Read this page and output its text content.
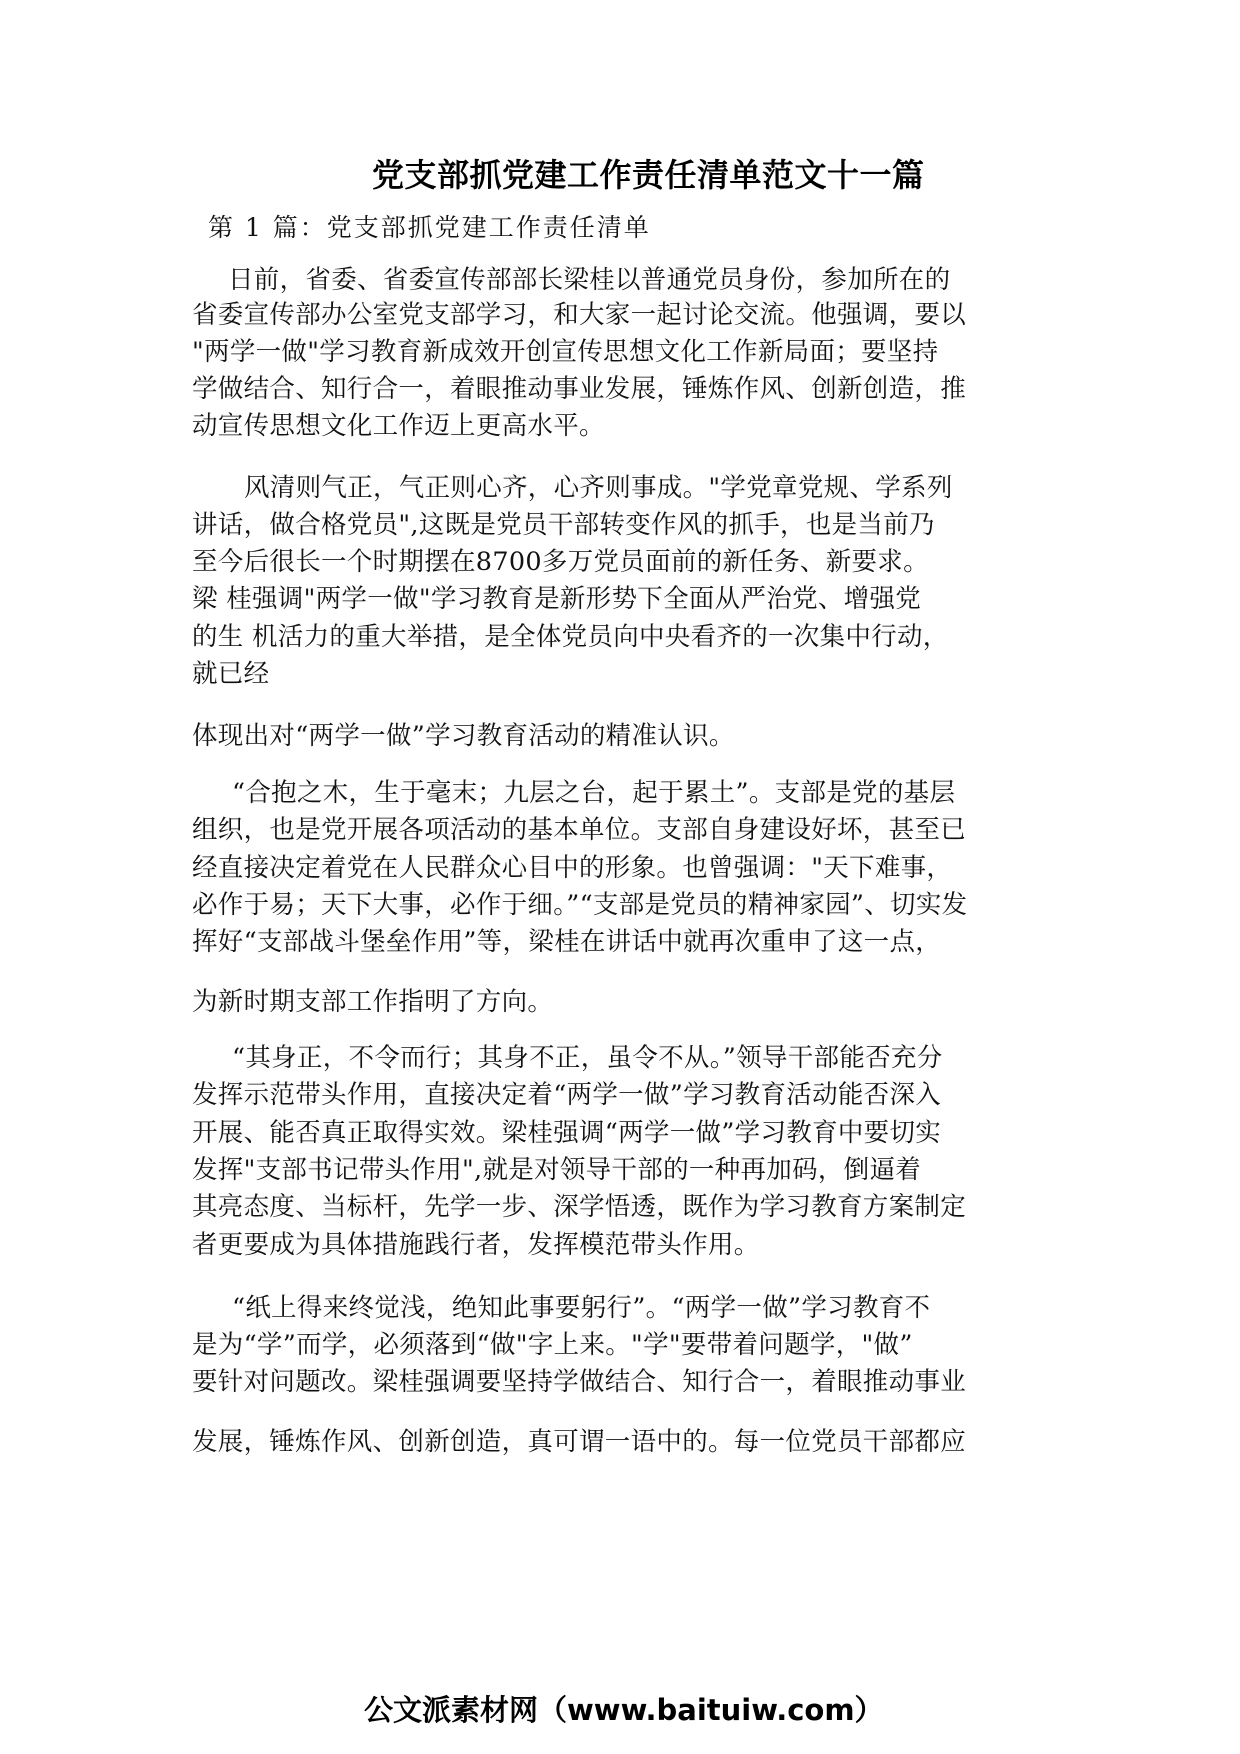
党支部抓党建工作责任清单范文十一篇
第 1 篇：党支部抓党建工作责任清单
日前，省委、省委宣传部部长梁桂以普通党员身份，参加所在的
省委宣传部办公室党支部学习，和大家一起讨论交流。他强调，要以
"两学一做"学习教育新成效开创宣传思想文化工作新局面；要坚持
学做结合、知行合一，着眼推动事业发展，锤炼作风、创新创造，推
动宣传思想文化工作迈上更高水平。
风清则气正，气正则心齐，心齐则事成。"学党章党规、学系列
讲话，做合格党员",这既是党员干部转变作风的抓手，也是当前乃
至今后很长一个时期摆在8700多万党员面前的新任务、新要求。
梁 桂强调"两学一做"学习教育是新形势下全面从严治党、增强党
的生 机活力的重大举措，是全体党员向中央看齐的一次集中行动，
就已经
体现出对“两学一做”学习教育活动的精准认识。
“合抱之木，生于毫末；九层之台，起于累土”。支部是党的基层
组织，也是党开展各项活动的基本单位。支部自身建设好坏，甚至已
经直接决定着党在人民群众心目中的形象。也曾强调："天下难事，
必作于易；天下大事，必作于细。”“支部是党员的精神家园”、切实发
挥好“支部战斗堡垒作用”等，梁桂在讲话中就再次重申了这一点，
为新时期支部工作指明了方向。
“其身正，不令而行；其身不正，虽令不从。”领导干部能否充分
发挥示范带头作用，直接决定着“两学一做”学习教育活动能否深入
开展、能否真正取得实效。梁桂强调“两学一做”学习教育中要切实
发挥"支部书记带头作用",就是对领导干部的一种再加码，倒逼着
其亮态度、当标杆，先学一步、深学悟透，既作为学习教育方案制定
者更要成为具体措施践行者，发挥模范带头作用。
“纸上得来终觉浅，绝知此事要躬行”。“两学一做”学习教育不
是为“学”而学，必须落到“做"字上来。"学"要带着问题学，"做”
要针对问题改。梁桂强调要坚持学做结合、知行合一，着眼推动事业
发展，锤炼作风、创新创造，真可谓一语中的。每一位党员干部都应
公文派素材网（www.baituiw.com）
